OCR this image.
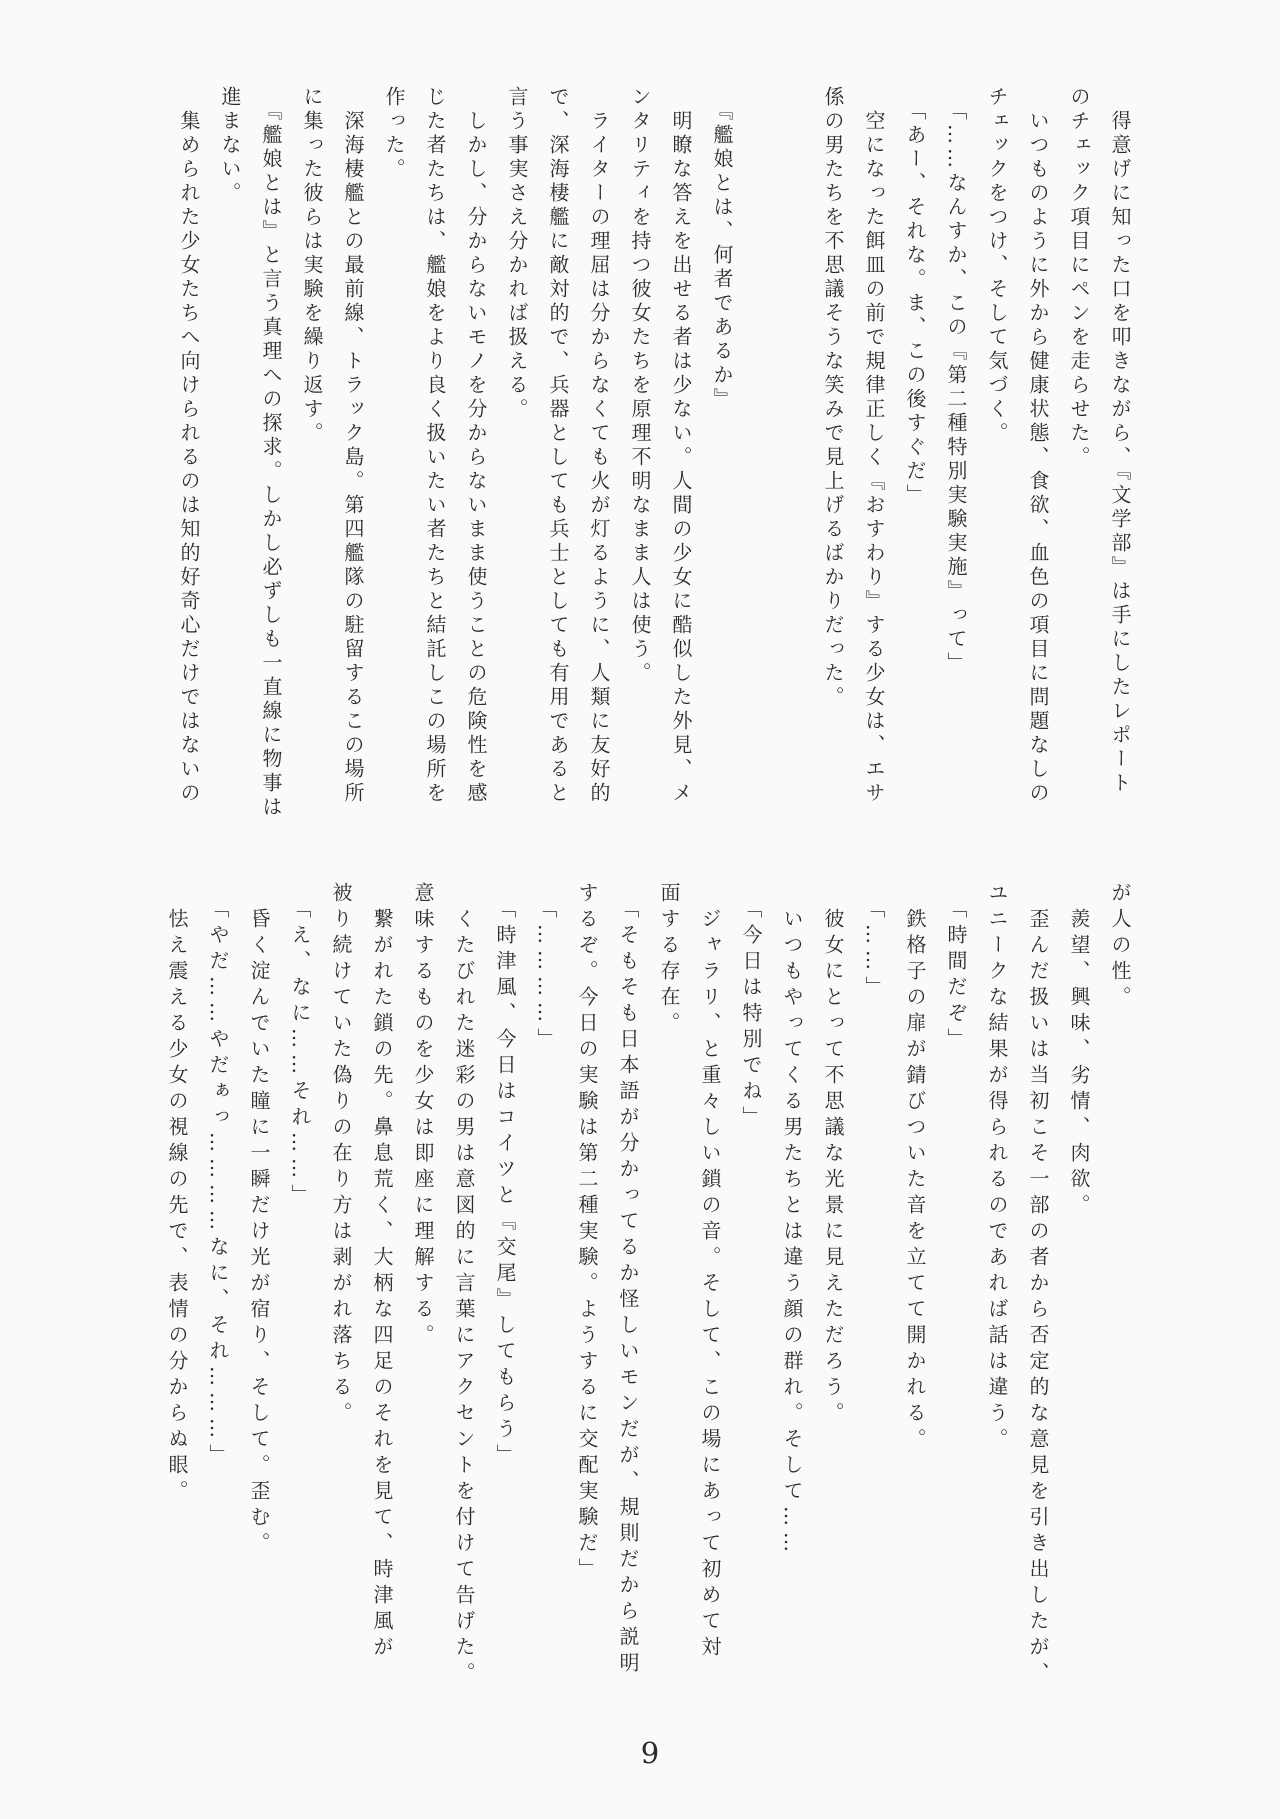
　得意げに知った口を叩きながら、『文学部』は手にしたレポート
のチェック項目にペンを走らせた。
　いつものように外から健康状態、食欲、血色の項目に問題なしの
チェックをつけ、そして気づく。
　「……なんすか、この『第二種特別実験実施』って」
　「あー、それな。ま、この後すぐだ」
　空になった餌皿の前で規律正しく『おすわり』する少女は、エサ
係の男たちを不思議そうな笑みで見上げるばかりだった。
　『艦娘とは、何者であるか』
　明瞭な答えを出せる者は少ない。人間の少女に酷似した外見、メ
ンタリティを持つ彼女たちを原理不明なまま人は使う。
　ライターの理屈は分からなくても火が灯るように、人類に友好的
で、深海棲艦に敵対的で、兵器としても兵士としても有用であると
言う事実さえ分かれば扱える。
　しかし、分からないモノを分からないまま使うことの危険性を感
じた者たちは、艦娘をより良く扱いたい者たちと結託しこの場所を
作った。
　深海棲艦との最前線、トラック島。第四艦隊の駐留するこの場所
に集った彼らは実験を繰り返す。
　『艦娘とは』と言う真理への探求。しかし必ずしも一直線に物事は
進まない。
　集められた少女たちへ向けられるのは知的好奇心だけではないの
が人の性。
　羨望、興味、劣情、肉欲。
　歪んだ扱いは当初こそ一部の者から否定的な意見を引き出したが、
ユニークな結果が得られるのであれば話は違う。
　「時間だぞ」
　鉄格子の扉が錆びついた音を立てて開かれる。
　「……」
　彼女にとって不思議な光景に見えただろう。
　いつもやってくる男たちとは違う顔の群れ。そして……
　「今日は特別でね」
　ジャラリ、と重々しい鎖の音。そして、この場にあって初めて対
面する存在。
　「そもそも日本語が分かってるか怪しいモンだが、規則だから説明
するぞ。今日の実験は第二種実験。ようするに交配実験だ」
　「…………」
　「時津風、今日はコイツと『交尾』してもらう」
　くたびれた迷彩の男は意図的に言葉にアクセントを付けて告げた。
意味するものを少女は即座に理解する。
　繋がれた鎖の先。鼻息荒く、大柄な四足のそれを見て、時津風が
被り続けていた偽りの在り方は剥がれ落ちる。
　「え、なに……それ……」
　昏く淀んでいた瞳に一瞬だけ光が宿り、そして。歪む。
　「やだ……やだぁっ…………なに、それ………」
　怯え震える少女の視線の先で、表情の分からぬ眼。
9
